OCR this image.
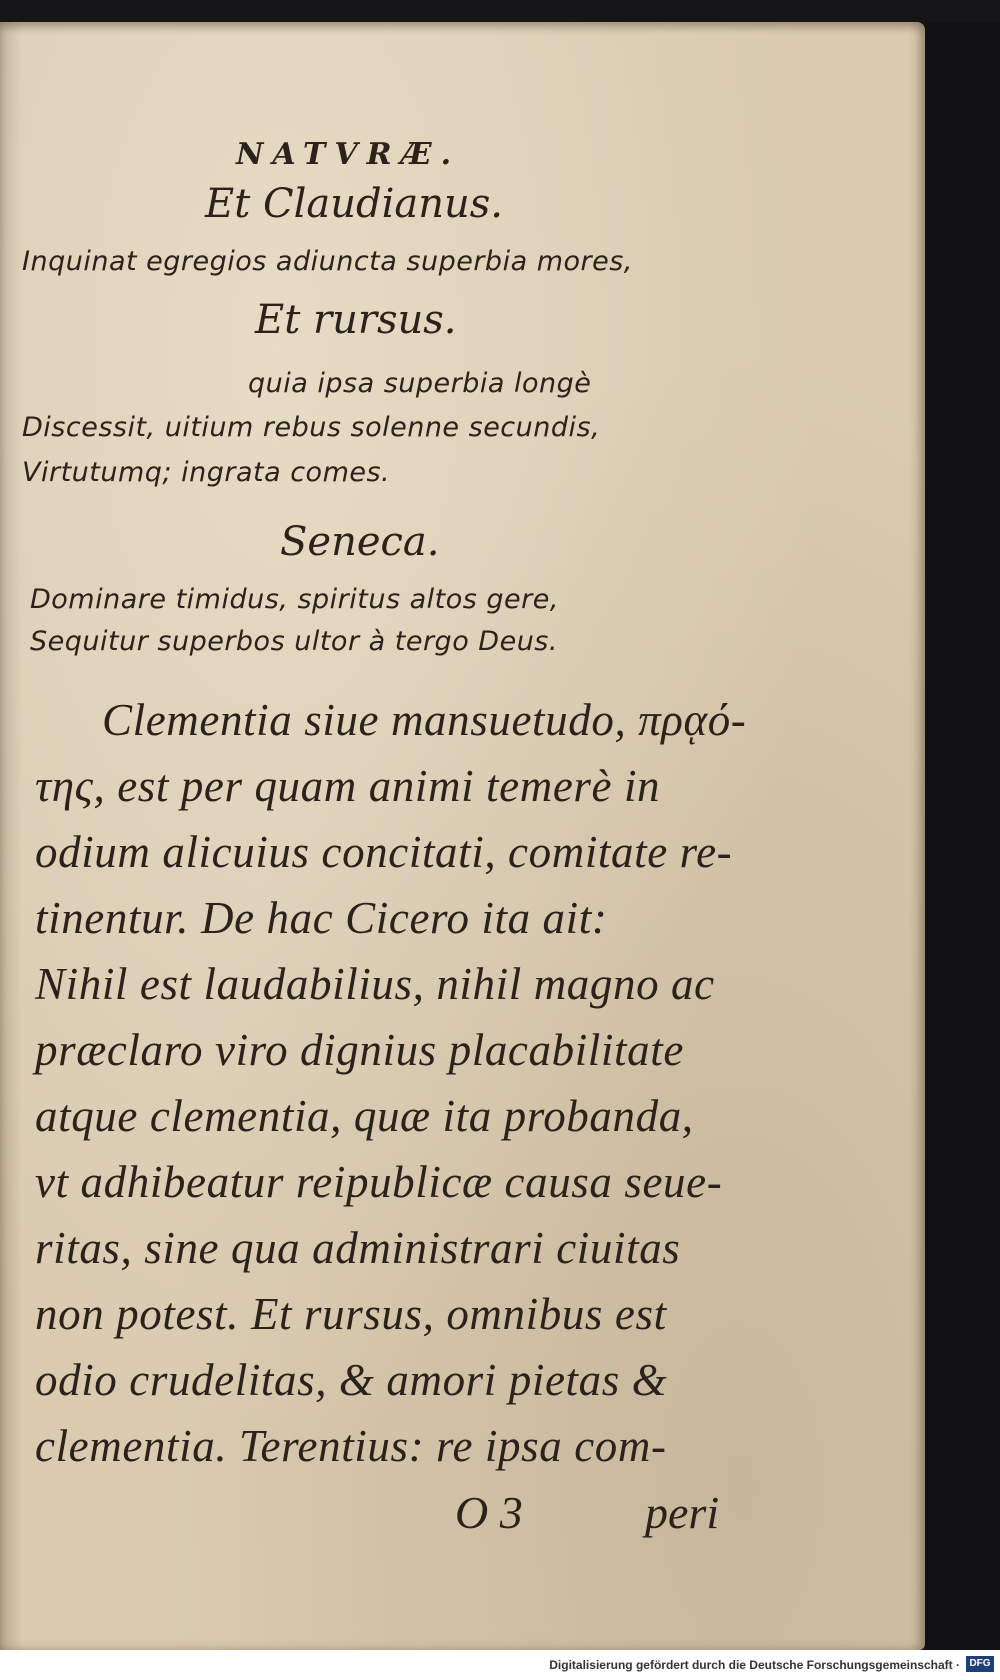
NATVRÆ.
Et Claudianus.
Inquinat egregios adiuncta superbia mores,
Et rursus.
quia ipsa superbia longè
Discessit, uitium rebus solenne secundis,
Virtutumq; ingrata comes.
Seneca.
Dominare timidus, spiritus altos gere,
Sequitur superbos ultor à tergo Deus.
Clementia siue mansuetudo, πρᾳό-
της, est per quam animi temerè in
odium alicuius concitati, comitate re-
tinentur. De hac Cicero ita ait:
Nihil est laudabilius, nihil magno ac
præclaro viro dignius placabilitate
atque clementia, quæ ita probanda,
vt adhibeatur reipublicæ causa seue-
ritas, sine qua administrari ciuitas
non potest. Et rursus, omnibus est
odio crudelitas, & amori pietas &
clementia. Terentius: re ipsa com-
O 3	peri
Digitalisierung gefördert durch die Deutsche Forschungsgemeinschaft · DFG
